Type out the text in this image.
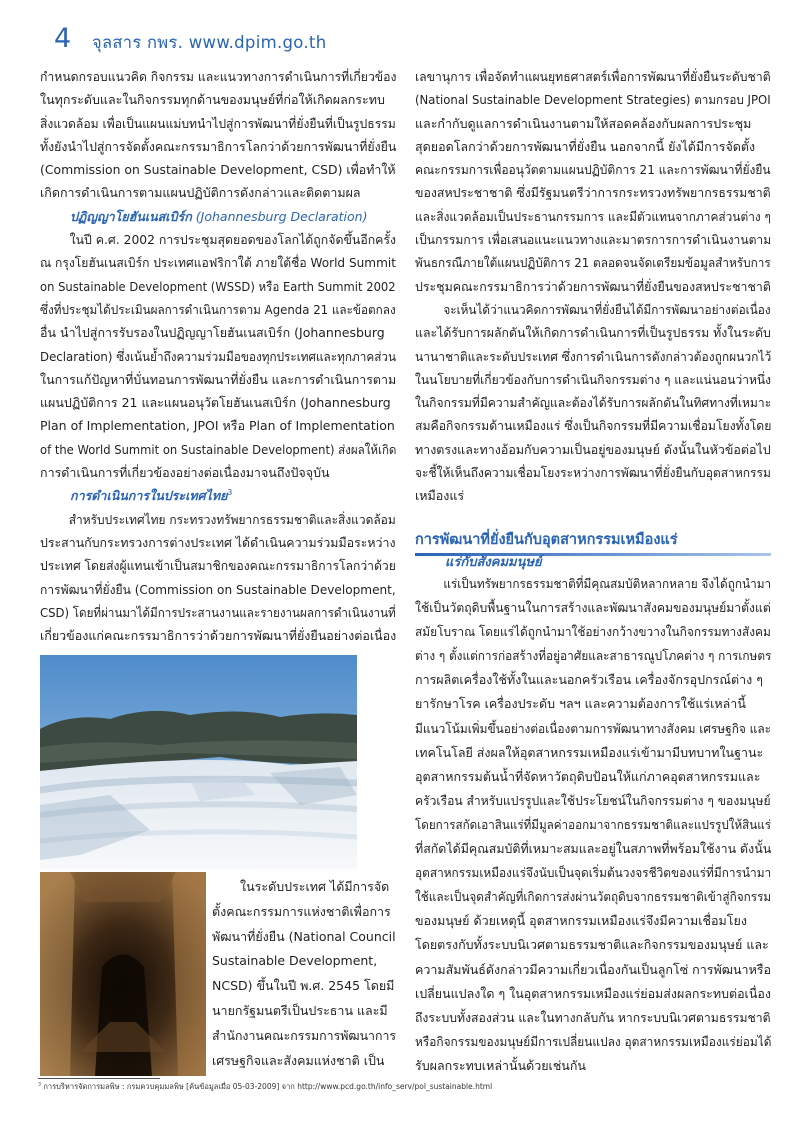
4 จุลสาร กพร. www.dpim.go.th
กำหนดกรอบแนวคิด กิจกรรม และแนวทางการดำเนินการที่เกี่ยวข้อง
ในทุกระดับและในกิจกรรมทุกด้านของมนุษย์ที่ก่อให้เกิดผลกระทบ
สิ่งแวดล้อม เพื่อเป็นแผนแม่บทนำไปสู่การพัฒนาที่ยั่งยืนที่เป็นรูปธรรม
ทั้งยังนำไปสู่การจัดตั้งคณะกรรมาธิการโลกว่าด้วยการพัฒนาที่ยั่งยืน
(Commission on Sustainable Development, CSD) เพื่อทำให้
เกิดการดำเนินการตามแผนปฏิบัติการดังกล่าวและติดตามผล
ปฏิญญาโยฮันเนสเบิร์ก (Johannesburg Declaration)
ในปี ค.ศ. 2002 การประชุมสุดยอดของโลกได้ถูกจัดขึ้นอีกครั้ง
ณ กรุงโยฮันเนสเบิร์ก ประเทศแอฟริกาใต้ ภายใต้ชื่อ World Summit
on Sustainable Development (WSSD) หรือ Earth Summit 2002
ซึ่งที่ประชุมได้ประเมินผลการดำเนินการตาม Agenda 21 และข้อตกลง
อื่น นำไปสู่การรับรองในปฏิญญาโยฮันเนสเบิร์ก (Johannesburg
Declaration) ซึ่งเน้นย้ำถึงความร่วมมือของทุกประเทศและทุกภาคส่วน
ในการแก้ปัญหาที่บั่นทอนการพัฒนาที่ยั่งยืน และการดำเนินการตาม
แผนปฏิบัติการ 21 และแผนอนุวัตโยฮันเนสเบิร์ก (Johannesburg
Plan of Implementation, JPOI หรือ Plan of Implementation
of the World Summit on Sustainable Development) ส่งผลให้เกิด
การดำเนินการที่เกี่ยวข้องอย่างต่อเนื่องมาจนถึงปัจจุบัน
การดำเนินการในประเทศไทย$^3$
สำหรับประเทศไทย กระทรวงทรัพยากรธรรมชาติและสิ่งแวดล้อม
ประสานกับกระทรวงการต่างประเทศ ได้ดำเนินความร่วมมือระหว่าง
ประเทศ โดยส่งผู้แทนเข้าเป็นสมาชิกของคณะกรรมาธิการโลกว่าด้วย
การพัฒนาที่ยั่งยืน (Commission on Sustainable Development,
CSD) โดยที่ผ่านมาได้มีการประสานงานและรายงานผลการดำเนินงานที่
เกี่ยวข้องแก่คณะกรรมาธิการว่าด้วยการพัฒนาที่ยั่งยืนอย่างต่อเนื่อง
ในระดับประเทศ ได้มีการจัด
ตั้งคณะกรรมการแห่งชาติเพื่อการ
พัฒนาที่ยั่งยืน (National Council
Sustainable Development,
NCSD) ขึ้นในปี พ.ศ. 2545 โดยมี
นายกรัฐมนตรีเป็นประธาน และมี
สำนักงานคณะกรรมการพัฒนาการ
เศรษฐกิจและสังคมแห่งชาติ เป็น
เลขานุการ เพื่อจัดทำแผนยุทธศาสตร์เพื่อการพัฒนาที่ยั่งยืนระดับชาติ
(National Sustainable Development Strategies) ตามกรอบ JPOI
และกำกับดูแลการดำเนินงานตามให้สอดคล้องกับผลการประชุม
สุดยอดโลกว่าด้วยการพัฒนาที่ยั่งยืน นอกจากนี้ ยังได้มีการจัดตั้ง
คณะกรรมการเพื่ออนุวัตตามแผนปฏิบัติการ 21 และการพัฒนาที่ยั่งยืน
ของสหประชาชาติ ซึ่งมีรัฐมนตรีว่าการกระทรวงทรัพยากรธรรมชาติ
และสิ่งแวดล้อมเป็นประธานกรรมการ และมีตัวแทนจากภาคส่วนต่าง ๆ
เป็นกรรมการ เพื่อเสนอแนะแนวทางและมาตรการการดำเนินงานตาม
พันธกรณีภายใต้แผนปฏิบัติการ 21 ตลอดจนจัดเตรียมข้อมูลสำหรับการ
ประชุมคณะกรรมาธิการว่าด้วยการพัฒนาที่ยั่งยืนของสหประชาชาติ
จะเห็นได้ว่าแนวคิดการพัฒนาที่ยั่งยืนได้มีการพัฒนาอย่างต่อเนื่อง
และได้รับการผลักดันให้เกิดการดำเนินการที่เป็นรูปธรรม ทั้งในระดับ
นานาชาติและระดับประเทศ ซึ่งการดำเนินการดังกล่าวต้องถูกผนวกไว้
ในนโยบายที่เกี่ยวข้องกับการดำเนินกิจกรรมต่าง ๆ และแน่นอนว่าหนึ่ง
ในกิจกรรมที่มีความสำคัญและต้องได้รับการผลักดันในทิศทางที่เหมาะ
สมคือกิจกรรมด้านเหมืองแร่ ซึ่งเป็นกิจกรรมที่มีความเชื่อมโยงทั้งโดย
ทางตรงและทางอ้อมกับความเป็นอยู่ของมนุษย์ ดังนั้นในหัวข้อต่อไป
จะชี้ให้เห็นถึงความเชื่อมโยงระหว่างการพัฒนาที่ยั่งยืนกับอุตสาหกรรม
เหมืองแร่
การพัฒนาที่ยั่งยืนกับอุตสาหกรรมเหมืองแร่
แร่กับสังคมมนุษย์
แร่เป็นทรัพยากรธรรมชาติที่มีคุณสมบัติหลากหลาย จึงได้ถูกนำมา
ใช้เป็นวัตถุดิบพื้นฐานในการสร้างและพัฒนาสังคมของมนุษย์มาตั้งแต่
สมัยโบราณ โดยแร่ได้ถูกนำมาใช้อย่างกว้างขวางในกิจกรรมทางสังคม
ต่าง ๆ ตั้งแต่การก่อสร้างที่อยู่อาศัยและสาธารณูปโภคต่าง ๆ การเกษตร
การผลิตเครื่องใช้ทั้งในและนอกครัวเรือน เครื่องจักรอุปกรณ์ต่าง ๆ
ยารักษาโรค เครื่องประดับ ฯลฯ และความต้องการใช้แร่เหล่านี้
มีแนวโน้มเพิ่มขึ้นอย่างต่อเนื่องตามการพัฒนาทางสังคม เศรษฐกิจ และ
เทคโนโลยี ส่งผลให้อุตสาหกรรมเหมืองแร่เข้ามามีบทบาทในฐานะ
อุตสาหกรรมต้นน้ำที่จัดหาวัตถุดิบป้อนให้แก่ภาคอุตสาหกรรมและ
ครัวเรือน สำหรับแปรรูปและใช้ประโยชน์ในกิจกรรมต่าง ๆ ของมนุษย์
โดยการสกัดเอาสินแร่ที่มีมูลค่าออกมาจากธรรมชาติและแปรรูปให้สินแร่
ที่สกัดได้มีคุณสมบัติที่เหมาะสมและอยู่ในสภาพที่พร้อมใช้งาน ดังนั้น
อุตสาหกรรมเหมืองแร่จึงนับเป็นจุดเริ่มต้นวงจรชีวิตของแร่ที่มีการนำมา
ใช้และเป็นจุดสำคัญที่เกิดการส่งผ่านวัตถุดิบจากธรรมชาติเข้าสู่กิจกรรม
ของมนุษย์ ด้วยเหตุนี้ อุตสาหกรรมเหมืองแร่จึงมีความเชื่อมโยง
โดยตรงกับทั้งระบบนิเวศตามธรรมชาติและกิจกรรมของมนุษย์ และ
ความสัมพันธ์ดังกล่าวมีความเกี่ยวเนื่องกันเป็นลูกโซ่ การพัฒนาหรือ
เปลี่ยนแปลงใด ๆ ในอุตสาหกรรมเหมืองแร่ย่อมส่งผลกระทบต่อเนื่อง
ถึงระบบทั้งสองส่วน และในทางกลับกัน หากระบบนิเวศตามธรรมชาติ
หรือกิจกรรมของมนุษย์มีการเปลี่ยนแปลง อุตสาหกรรมเหมืองแร่ย่อมได้
รับผลกระทบเหล่านั้นด้วยเช่นกัน
$^3$ การบริหารจัดการมลพิษ : กรมควบคุมมลพิษ [ค้นข้อมูลเมื่อ 05-03-2009] จาก http://www.pcd.go.th/info_serv/pol_sustainable.html
